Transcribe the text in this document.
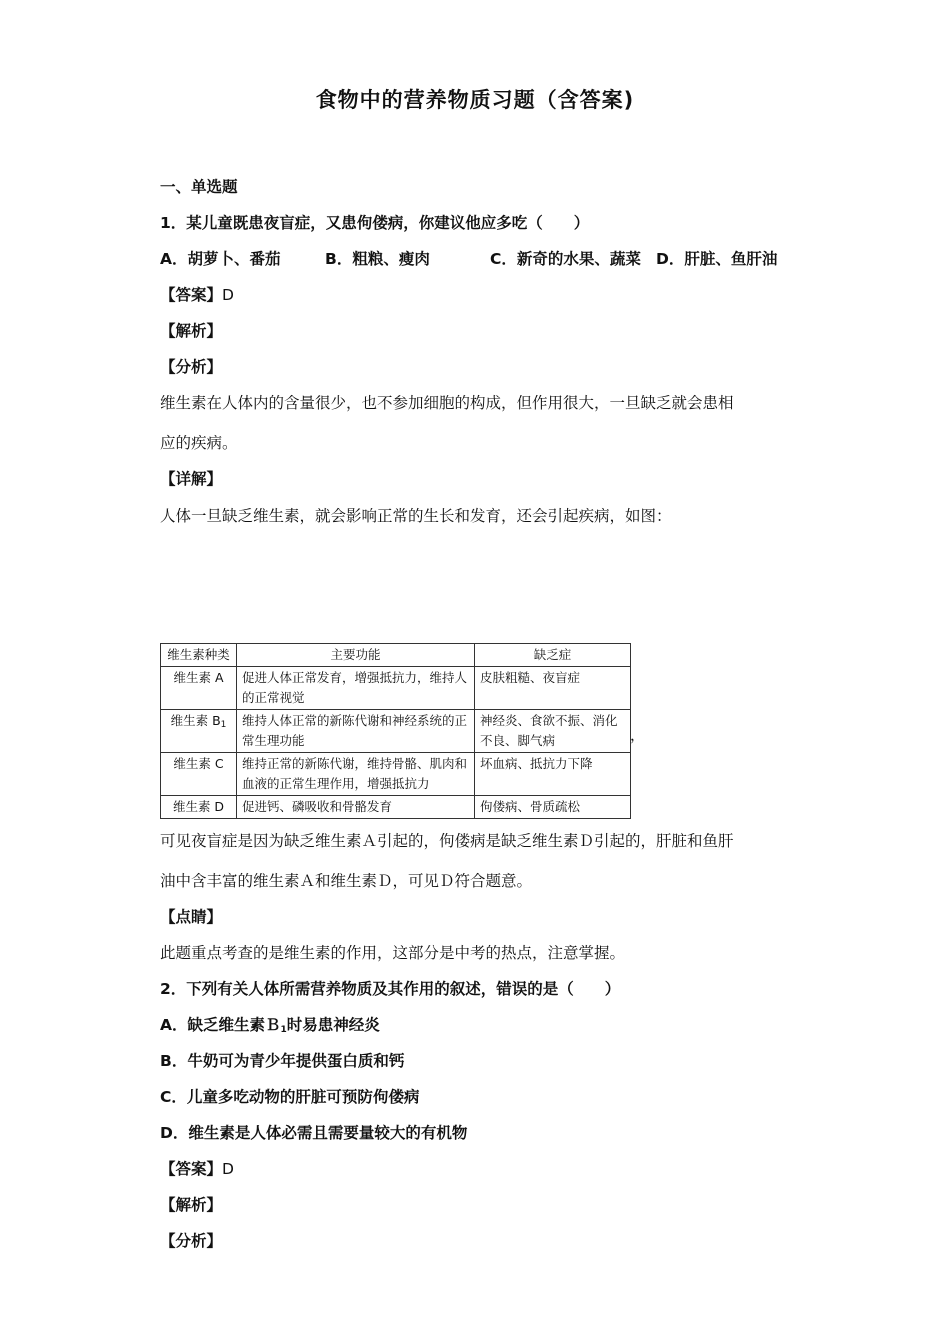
食物中的营养物质习题（含答案)
一、单选题
1．某儿童既患夜盲症，又患佝偻病，你建议他应多吃（　　）
A．胡萝卜、番茄	B．粗粮、瘦肉	C．新奇的水果、蔬菜 D．肝脏、鱼肝油
【答案】D
【解析】
【分析】
维生素在人体内的含量很少，也不参加细胞的构成，但作用很大，一旦缺乏就会患相
应的疾病。
【详解】
人体一旦缺乏维生素，就会影响正常的生长和发育，还会引起疾病，如图：
维生素种类	主要功能	缺乏症
维生素 A	促进人体正常发育，增强抵抗力，维持人的正常视觉	皮肤粗糙、夜盲症
维生素 $B_1$	维持人体正常的新陈代谢和神经系统的正常生理功能	神经炎、食欲不振、消化不良、脚气病
维生素 C	维持正常的新陈代谢，维持骨骼、肌肉和血液的正常生理作用，增强抵抗力	坏血病、抵抗力下降
维生素 D	促进钙、磷吸收和骨骼发育	佝偻病、骨质疏松
，
可见夜盲症是因为缺乏维生素Ａ引起的，佝偻病是缺乏维生素Ｄ引起的，肝脏和鱼肝
油中含丰富的维生素Ａ和维生素Ｄ，可见Ｄ符合题意。
【点睛】
此题重点考查的是维生素的作用，这部分是中考的热点，注意掌握。
2．下列有关人体所需营养物质及其作用的叙述，错误的是（　　）
A．缺乏维生素Ｂ$_1$时易患神经炎
B．牛奶可为青少年提供蛋白质和钙
C．儿童多吃动物的肝脏可预防佝偻病
D．维生素是人体必需且需要量较大的有机物
【答案】D
【解析】
【分析】
